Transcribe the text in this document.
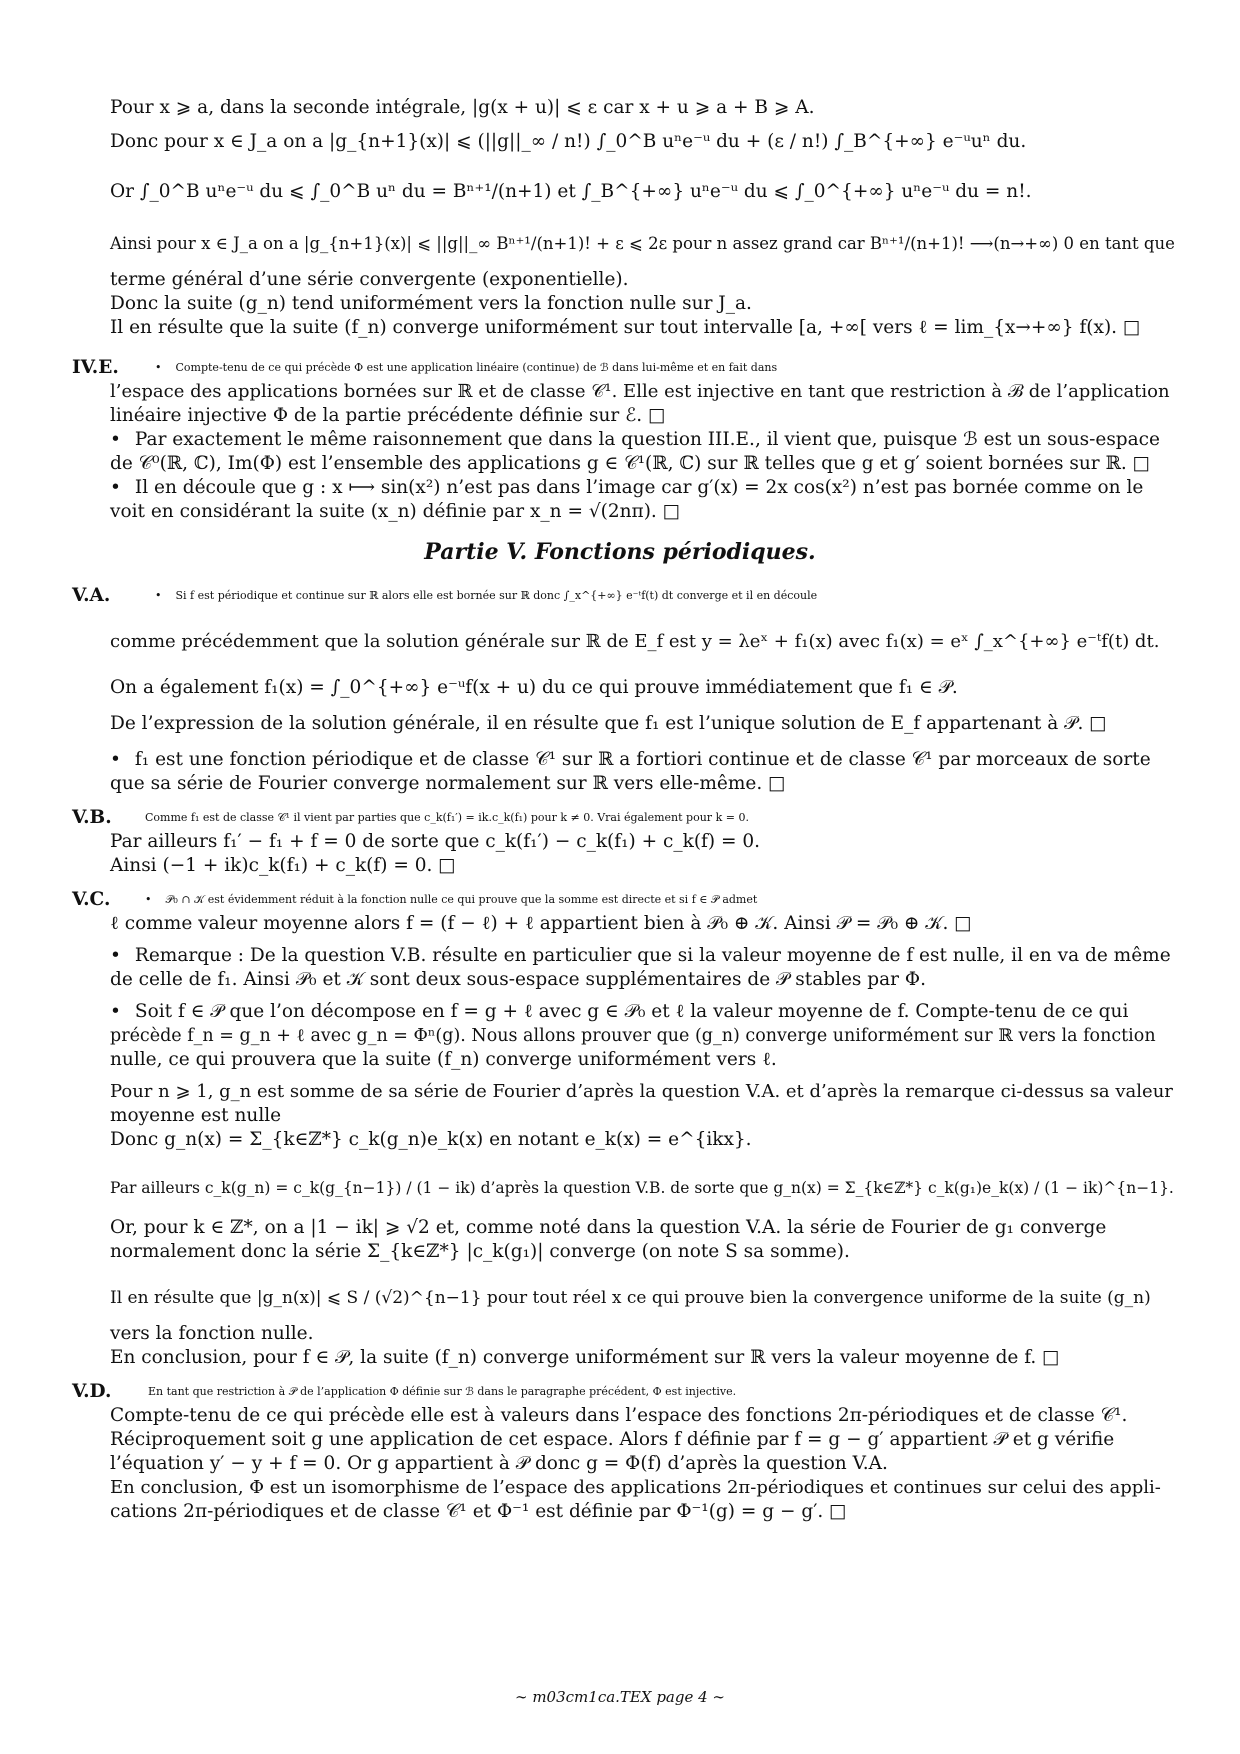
Pour x ⩾ a, dans la seconde intégrale, |g(x + u)| ⩽ ε car x + u ⩾ a + B ⩾ A.
Donc pour x ∈ J_a on a |g_{n+1}(x)| ⩽ (||g||_∞ / n!) ∫_0^B uⁿe⁻ᵘ du + (ε / n!) ∫_B^{+∞} e⁻ᵘuⁿ du.
Or ∫_0^B uⁿe⁻ᵘ du ⩽ ∫_0^B uⁿ du = Bⁿ⁺¹/(n+1) et ∫_B^{+∞} uⁿe⁻ᵘ du ⩽ ∫_0^{+∞} uⁿe⁻ᵘ du = n!.
Ainsi pour x ∈ J_a on a |g_{n+1}(x)| ⩽ ||g||_∞ Bⁿ⁺¹/(n+1)! + ε ⩽ 2ε pour n assez grand car Bⁿ⁺¹/(n+1)! ⟶(n→+∞) 0 en tant que
terme général d’une série convergente (exponentielle).
Donc la suite (g_n) tend uniformément vers la fonction nulle sur J_a.
Il en résulte que la suite (f_n) converge uniformément sur tout intervalle [a, +∞[ vers ℓ = lim_{x→+∞} f(x). □
IV.E.	• Compte-tenu de ce qui précède Φ est une application linéaire (continue) de ℬ dans lui-même et en fait dans
l’espace des applications bornées sur ℝ et de classe 𝒞¹. Elle est injective en tant que restriction à ℬ de l’application
linéaire injective Φ de la partie précédente définie sur ℰ. □
• Par exactement le même raisonnement que dans la question III.E., il vient que, puisque ℬ est un sous-espace
de 𝒞⁰(ℝ, ℂ), Im(Φ) est l’ensemble des applications g ∈ 𝒞¹(ℝ, ℂ) sur ℝ telles que g et g′ soient bornées sur ℝ. □
• Il en découle que g : x ⟼ sin(x²) n’est pas dans l’image car g′(x) = 2x cos(x²) n’est pas bornée comme on le
voit en considérant la suite (x_n) définie par x_n = √(2nπ). □
Partie V. Fonctions périodiques.
V.A.	• Si f est périodique et continue sur ℝ alors elle est bornée sur ℝ donc ∫_x^{+∞} e⁻ᵗf(t) dt converge et il en découle
comme précédemment que la solution générale sur ℝ de E_f est y = λeˣ + f₁(x) avec f₁(x) = eˣ ∫_x^{+∞} e⁻ᵗf(t) dt.
On a également f₁(x) = ∫_0^{+∞} e⁻ᵘf(x + u) du ce qui prouve immédiatement que f₁ ∈ 𝒫.
De l’expression de la solution générale, il en résulte que f₁ est l’unique solution de E_f appartenant à 𝒫. □
• f₁ est une fonction périodique et de classe 𝒞¹ sur ℝ a fortiori continue et de classe 𝒞¹ par morceaux de sorte
que sa série de Fourier converge normalement sur ℝ vers elle-même. □
V.B.	Comme f₁ est de classe 𝒞¹ il vient par parties que c_k(f₁′) = ik.c_k(f₁) pour k ≠ 0. Vrai également pour k = 0.
Par ailleurs f₁′ − f₁ + f = 0 de sorte que c_k(f₁′) − c_k(f₁) + c_k(f) = 0.
Ainsi (−1 + ik)c_k(f₁) + c_k(f) = 0. □
V.C.	• 𝒫₀ ∩ 𝒦 est évidemment réduit à la fonction nulle ce qui prouve que la somme est directe et si f ∈ 𝒫 admet
ℓ comme valeur moyenne alors f = (f − ℓ) + ℓ appartient bien à 𝒫₀ ⊕ 𝒦. Ainsi 𝒫 = 𝒫₀ ⊕ 𝒦. □
• Remarque : De la question V.B. résulte en particulier que si la valeur moyenne de f est nulle, il en va de même
de celle de f₁. Ainsi 𝒫₀ et 𝒦 sont deux sous-espace supplémentaires de 𝒫 stables par Φ.
• Soit f ∈ 𝒫 que l’on décompose en f = g + ℓ avec g ∈ 𝒫₀ et ℓ la valeur moyenne de f. Compte-tenu de ce qui
précède f_n = g_n + ℓ avec g_n = Φⁿ(g). Nous allons prouver que (g_n) converge uniformément sur ℝ vers la fonction
nulle, ce qui prouvera que la suite (f_n) converge uniformément vers ℓ.
Pour n ⩾ 1, g_n est somme de sa série de Fourier d’après la question V.A. et d’après la remarque ci-dessus sa valeur
moyenne est nulle
Donc g_n(x) = Σ_{k∈ℤ*} c_k(g_n)e_k(x) en notant e_k(x) = e^{ikx}.
Par ailleurs c_k(g_n) = c_k(g_{n−1}) / (1 − ik) d’après la question V.B. de sorte que g_n(x) = Σ_{k∈ℤ*} c_k(g₁)e_k(x) / (1 − ik)^{n−1}.
Or, pour k ∈ ℤ*, on a |1 − ik| ⩾ √2 et, comme noté dans la question V.A. la série de Fourier de g₁ converge
normalement donc la série Σ_{k∈ℤ*} |c_k(g₁)| converge (on note S sa somme).
Il en résulte que |g_n(x)| ⩽ S / (√2)^{n−1} pour tout réel x ce qui prouve bien la convergence uniforme de la suite (g_n)
vers la fonction nulle.
En conclusion, pour f ∈ 𝒫, la suite (f_n) converge uniformément sur ℝ vers la valeur moyenne de f. □
V.D.	En tant que restriction à 𝒫 de l’application Φ définie sur ℬ dans le paragraphe précédent, Φ est injective.
Compte-tenu de ce qui précède elle est à valeurs dans l’espace des fonctions 2π-périodiques et de classe 𝒞¹.
Réciproquement soit g une application de cet espace. Alors f définie par f = g − g′ appartient 𝒫 et g vérifie
l’équation y′ − y + f = 0. Or g appartient à 𝒫 donc g = Φ(f) d’après la question V.A.
En conclusion, Φ est un isomorphisme de l’espace des applications 2π-périodiques et continues sur celui des appli-
cations 2π-périodiques et de classe 𝒞¹ et Φ⁻¹ est définie par Φ⁻¹(g) = g − g′. □
∼ m03cm1ca.TEX page 4 ∼
